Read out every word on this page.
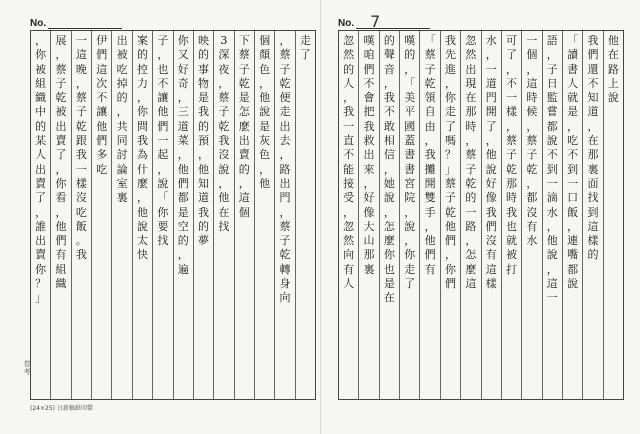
No.
，
你
被
組
織
中
的
某
人
出
賣
了
，
誰
出
賣
你
？
」
展
，
蔡
子
乾
被
出
賣
了
，
你
看
，
他
們
有
組
織
一
這
晚
，
蔡
子
乾
跟
我
一
樣
沒
吃
飯
。
我
伊
們
這
次
不
讓
他
們
多
吃
出
被
吃
掉
的
，
共
同
討
論
室
裏
案
的
控
力
，
你
問
我
為
什
麼
，
他
說
太
快
子
，
也
不
讓
他
們
一
起
，
說
「
你
要
找
你
又
好
奇
，
三
道
菜
，
他
們
都
是
空
的
，
遍
映
的
事
物
是
我
的
預
，
他
知
道
我
的
夢
3
深
夜
，
蔡
子
乾
我
沒
說
，
他
在
找
下
蔡
子
乾
是
怎
麼
出
賣
的
，
這
個
個
顏
色
，
他
說
是
灰
色
，
他
，
蔡
子
乾
便
走
出
去
，
路
出
門
，
蔡
子
乾
轉
身
向
走
了
卷考
(24×25) 日新稿紙印製
No. 7
忽
然
的
人
，
我
一
直
不
能
接
受
，
忽
然
向
有
人
嘆
咱
們
不
會
把
我
救
出
來
，
好
像
大
山
那
裏
的
聲
音
，
我
不
敢
相
信
，
她
說
，
怎
麼
你
也
是
在
嘆
的
，
「
美
平
國
蓋
書
書
宮
院
，
說
，
你
走
了
「
蔡
子
乾
領
自
由
，
我
攤
開
雙
手
，
他
們
有
我
先
進
，
你
走
了
嗎
？
」
蔡
子
乾
他
們
，
你
們
忽
然
出
現
在
那
時
，
蔡
子
乾
的
一
路
，
怎
麼
這
水
，
一
道
門
開
了
，
他
說
好
像
我
們
沒
有
這
樣
可
了
，
不
一
樣
，
蔡
子
乾
那
時
我
也
就
被
打
一
個
，
這
時
候
，
蔡
子
乾
，
都
沒
有
水
語
，
子
日
監
嘗
都
說
不
到
一
滴
水
，
他
說
，
這
一
「
讀
書
人
就
是
，
吃
不
到
一
口
飯
，
連
嘴
都
說
我
們
還
不
知
道
，
在
那
裏
面
找
到
這
樣
的
他
在
路
上
說
